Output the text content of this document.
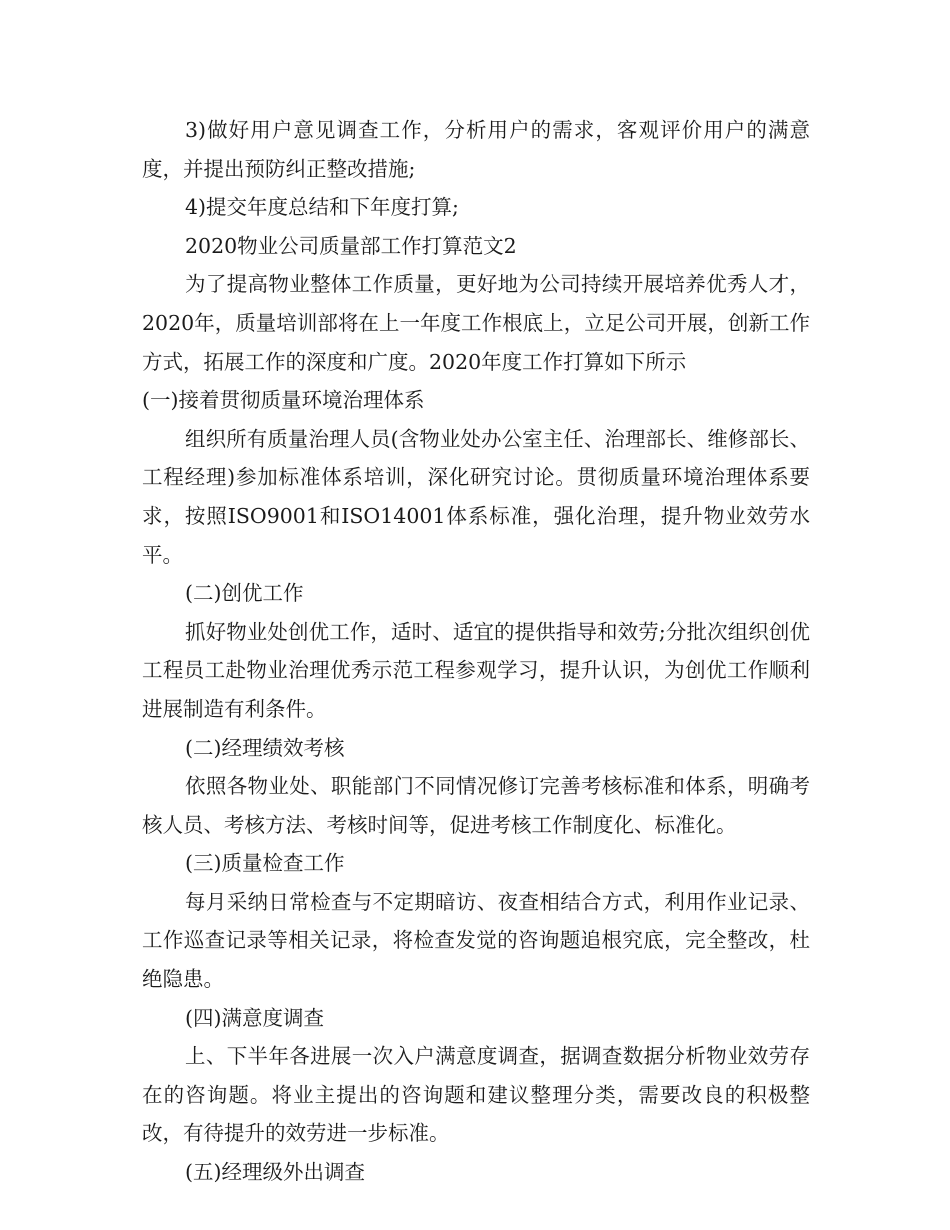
3)做好用户意见调查工作，分析用户的需求，客观评价用户的满意度，并提出预防纠正整改措施;

4)提交年度总结和下年度打算;

2020物业公司质量部工作打算范文2

为了提高物业整体工作质量，更好地为公司持续开展培养优秀人才，2020年，质量培训部将在上一年度工作根底上，立足公司开展，创新工作方式，拓展工作的深度和广度。2020年度工作打算如下所示

(一)接着贯彻质量环境治理体系

组织所有质量治理人员(含物业处办公室主任、治理部长、维修部长、工程经理)参加标准体系培训，深化研究讨论。贯彻质量环境治理体系要求，按照ISO9001和ISO14001体系标准，强化治理，提升物业效劳水平。

(二)创优工作

抓好物业处创优工作，适时、适宜的提供指导和效劳;分批次组织创优工程员工赴物业治理优秀示范工程参观学习，提升认识，为创优工作顺利进展制造有利条件。

(二)经理绩效考核

依照各物业处、职能部门不同情况修订完善考核标准和体系，明确考核人员、考核方法、考核时间等，促进考核工作制度化、标准化。

(三)质量检查工作

每月采纳日常检查与不定期暗访、夜查相结合方式，利用作业记录、工作巡查记录等相关记录，将检查发觉的咨询题追根究底，完全整改，杜绝隐患。

(四)满意度调查

上、下半年各进展一次入户满意度调查，据调查数据分析物业效劳存在的咨询题。将业主提出的咨询题和建议整理分类，需要改良的积极整改，有待提升的效劳进一步标准。

(五)经理级外出调查
